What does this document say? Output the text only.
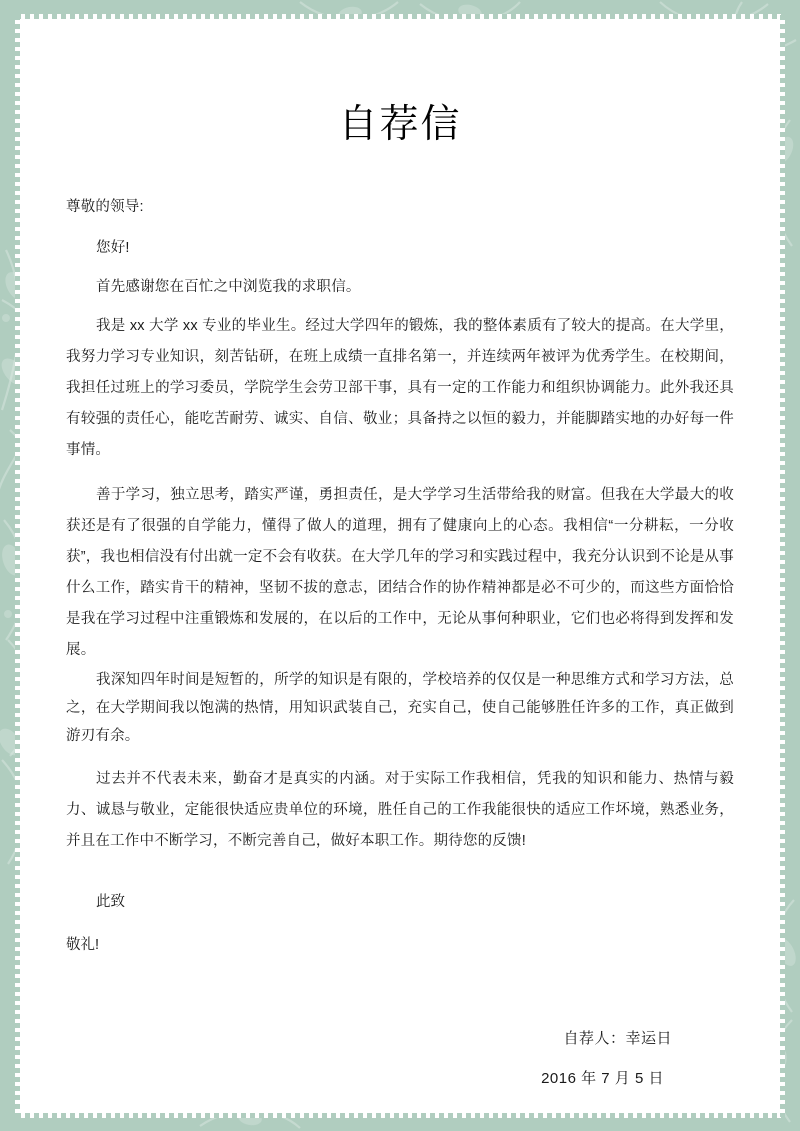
自荐信

尊敬的领导:

您好!

首先感谢您在百忙之中浏览我的求职信。

我是 xx 大学 xx 专业的毕业生。经过大学四年的锻炼，我的整体素质有了较大的提高。在大学里，我努力学习专业知识，刻苦钻研，在班上成绩一直排名第一，并连续两年被评为优秀学生。在校期间，我担任过班上的学习委员，学院学生会劳卫部干事，具有一定的工作能力和组织协调能力。此外我还具有较强的责任心，能吃苦耐劳、诚实、自信、敬业；具备持之以恒的毅力，并能脚踏实地的办好每一件事情。

善于学习，独立思考，踏实严谨，勇担责任，是大学学习生活带给我的财富。但我在大学最大的收获还是有了很强的自学能力，懂得了做人的道理，拥有了健康向上的心态。我相信“一分耕耘，一分收获”，我也相信没有付出就一定不会有收获。在大学几年的学习和实践过程中，我充分认识到不论是从事什么工作，踏实肯干的精神，坚韧不拔的意志，团结合作的协作精神都是必不可少的，而这些方面恰恰是我在学习过程中注重锻炼和发展的，在以后的工作中，无论从事何种职业，它们也必将得到发挥和发展。

我深知四年时间是短暂的，所学的知识是有限的，学校培养的仅仅是一种思维方式和学习方法，总之，在大学期间我以饱满的热情，用知识武装自己，充实自己，使自己能够胜任许多的工作，真正做到游刃有余。

过去并不代表未来，勤奋才是真实的内涵。对于实际工作我相信，凭我的知识和能力、热情与毅力、诚恳与敬业，定能很快适应贵单位的环境，胜任自己的工作我能很快的适应工作坏境，熟悉业务，并且在工作中不断学习，不断完善自己，做好本职工作。期待您的反馈!

此致

敬礼!

自荐人：幸运日

2016 年 7 月 5 日
